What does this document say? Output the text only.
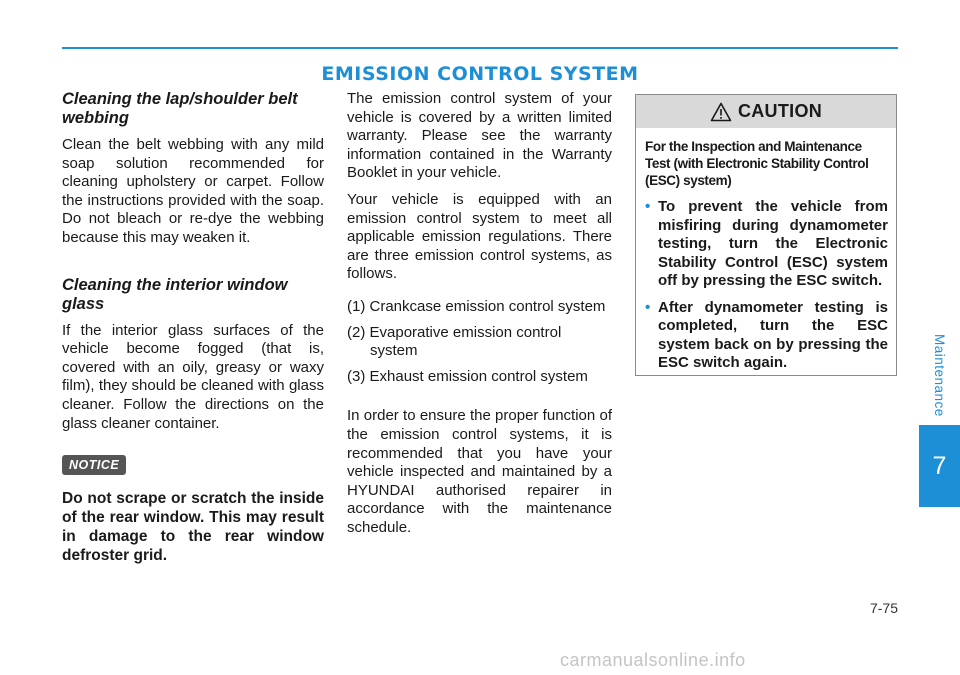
EMISSION CONTROL SYSTEM
Cleaning the lap/shoulder belt webbing

Clean the belt webbing with any mild soap solution recommended for cleaning upholstery or carpet. Follow the instructions provided with the soap. Do not bleach or re-dye the webbing because this may weaken it.

Cleaning the interior window glass

If the interior glass surfaces of the vehicle become fogged (that is, covered with an oily, greasy or waxy film), they should be cleaned with glass cleaner. Follow the directions on the glass cleaner container.

NOTICE

Do not scrape or scratch the inside of the rear window. This may result in damage to the rear window defroster grid.

The emission control system of your vehicle is covered by a written limited warranty. Please see the warranty information contained in the Warranty Booklet in your vehicle.

Your vehicle is equipped with an emission control system to meet all applicable emission regulations. There are three emission control systems, as follows.

(1) Crankcase emission control system
(2) Evaporative emission control system
(3) Exhaust emission control system

In order to ensure the proper function of the emission control systems, it is recommended that you have your vehicle inspected and maintained by a HYUNDAI authorised repairer in accordance with the maintenance schedule.

CAUTION

For the Inspection and Maintenance Test (with Electronic Stability Control (ESC) system)

• To prevent the vehicle from misfiring during dynamometer testing, turn the Electronic Stability Control (ESC) system off by pressing the ESC switch.
• After dynamometer testing is completed, turn the ESC system back on by pressing the ESC switch again.	Maintenance
7
7-75
carmanualsonline.info
